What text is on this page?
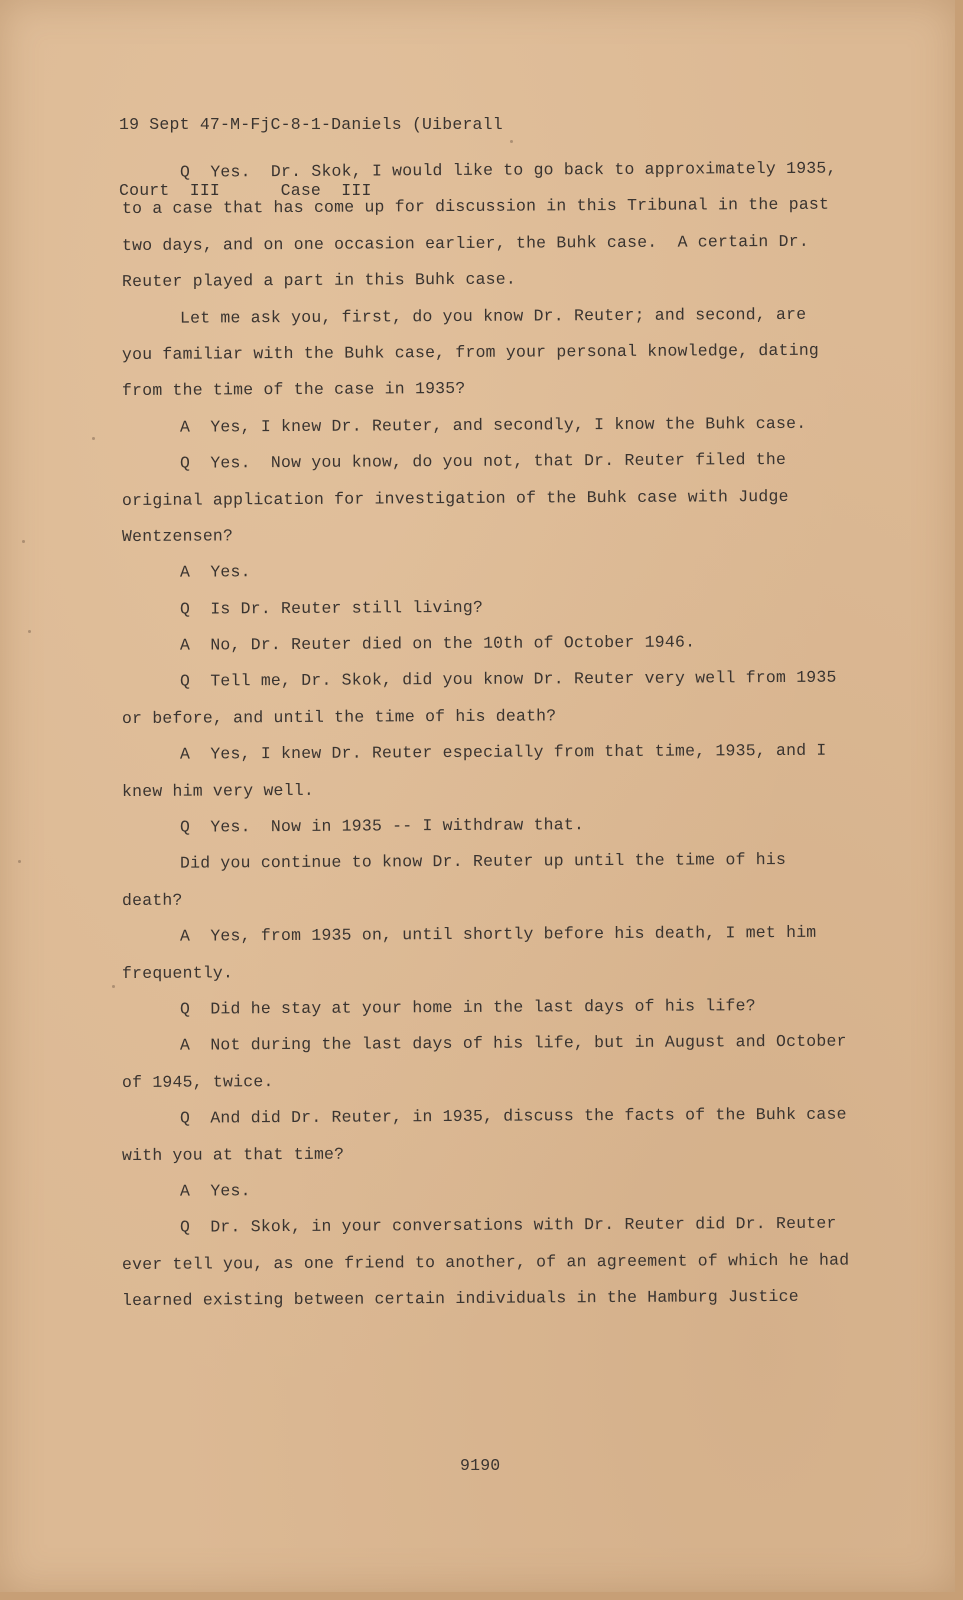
19 Sept 47-M-FjC-8-1-Daniels (Uiberall

Court  III      Case  III

Q  Yes.  Dr. Skok, I would like to go back to approximately 1935,
to a case that has come up for discussion in this Tribunal in the past
two days, and on one occasion earlier, the Buhk case.  A certain Dr.
Reuter played a part in this Buhk case.
Let me ask you, first, do you know Dr. Reuter; and second, are
you familiar with the Buhk case, from your personal knowledge, dating
from the time of the case in 1935?
A  Yes, I knew Dr. Reuter, and secondly, I know the Buhk case.
Q  Yes.  Now you know, do you not, that Dr. Reuter filed the
original application for investigation of the Buhk case with Judge
Wentzensen?
A  Yes.
Q  Is Dr. Reuter still living?
A  No, Dr. Reuter died on the 10th of October 1946.
Q  Tell me, Dr. Skok, did you know Dr. Reuter very well from 1935
or before, and until the time of his death?
A  Yes, I knew Dr. Reuter especially from that time, 1935, and I
knew him very well.
Q  Yes.  Now in 1935 -- I withdraw that.
Did you continue to know Dr. Reuter up until the time of his
death?
A  Yes, from 1935 on, until shortly before his death, I met him
frequently.
Q  Did he stay at your home in the last days of his life?
A  Not during the last days of his life, but in August and October
of 1945, twice.
Q  And did Dr. Reuter, in 1935, discuss the facts of the Buhk case
with you at that time?
A  Yes.
Q  Dr. Skok, in your conversations with Dr. Reuter did Dr. Reuter
ever tell you, as one friend to another, of an agreement of which he had
learned existing between certain individuals in the Hamburg Justice
9190
